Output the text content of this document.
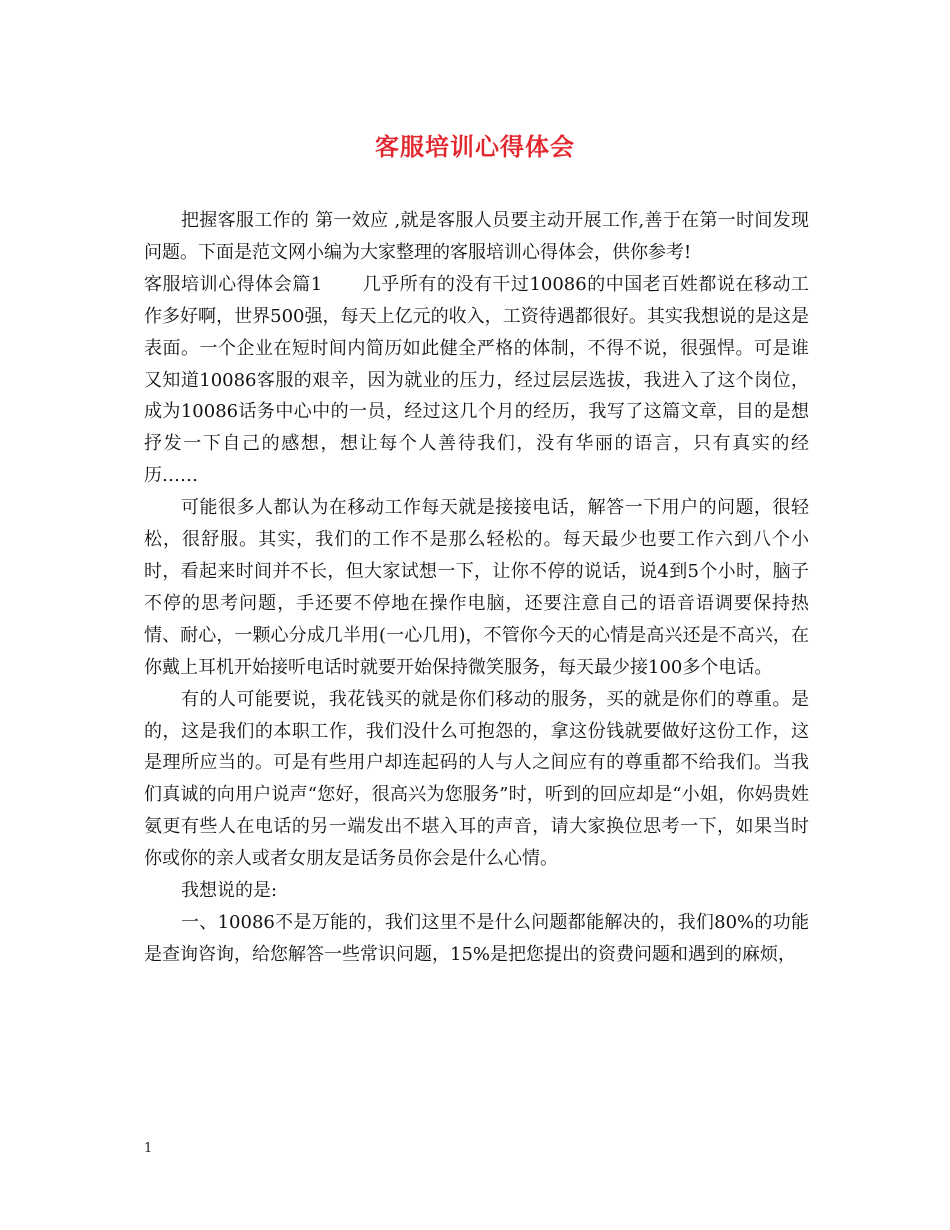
客服培训心得体会

把握客服工作的 第一效应 ,就是客服人员要主动开展工作,善于在第一时间发现问题。下面是范文网小编为大家整理的客服培训心得体会，供你参考!

客服培训心得体会篇1 几乎所有的没有干过10086的中国老百姓都说在移动工作多好啊，世界500强，每天上亿元的收入，工资待遇都很好。其实我想说的是这是表面。一个企业在短时间内简历如此健全严格的体制，不得不说，很强悍。可是谁又知道10086客服的艰辛，因为就业的压力，经过层层选拔，我进入了这个岗位，成为10086话务中心中的一员，经过这几个月的经历，我写了这篇文章，目的是想抒发一下自己的感想，想让每个人善待我们，没有华丽的语言，只有真实的经历……

可能很多人都认为在移动工作每天就是接接电话，解答一下用户的问题，很轻松，很舒服。其实，我们的工作不是那么轻松的。每天最少也要工作六到八个小时，看起来时间并不长，但大家试想一下，让你不停的说话，说4到5个小时，脑子不停的思考问题，手还要不停地在操作电脑，还要注意自己的语音语调要保持热情、耐心，一颗心分成几半用(一心几用)，不管你今天的心情是高兴还是不高兴，在你戴上耳机开始接听电话时就要开始保持微笑服务，每天最少接100多个电话。

有的人可能要说，我花钱买的就是你们移动的服务，买的就是你们的尊重。是的，这是我们的本职工作，我们没什么可抱怨的，拿这份钱就要做好这份工作，这是理所应当的。可是有些用户却连起码的人与人之间应有的尊重都不给我们。当我们真诚的向用户说声“您好，很高兴为您服务”时，听到的回应却是“小姐，你妈贵姓氨更有些人在电话的另一端发出不堪入耳的声音，请大家换位思考一下，如果当时你或你的亲人或者女朋友是话务员你会是什么心情。

我想说的是:

一、10086不是万能的，我们这里不是什么问题都能解决的，我们80%的功能是查询咨询，给您解答一些常识问题，15%是把您提出的资费问题和遇到的麻烦，

1
